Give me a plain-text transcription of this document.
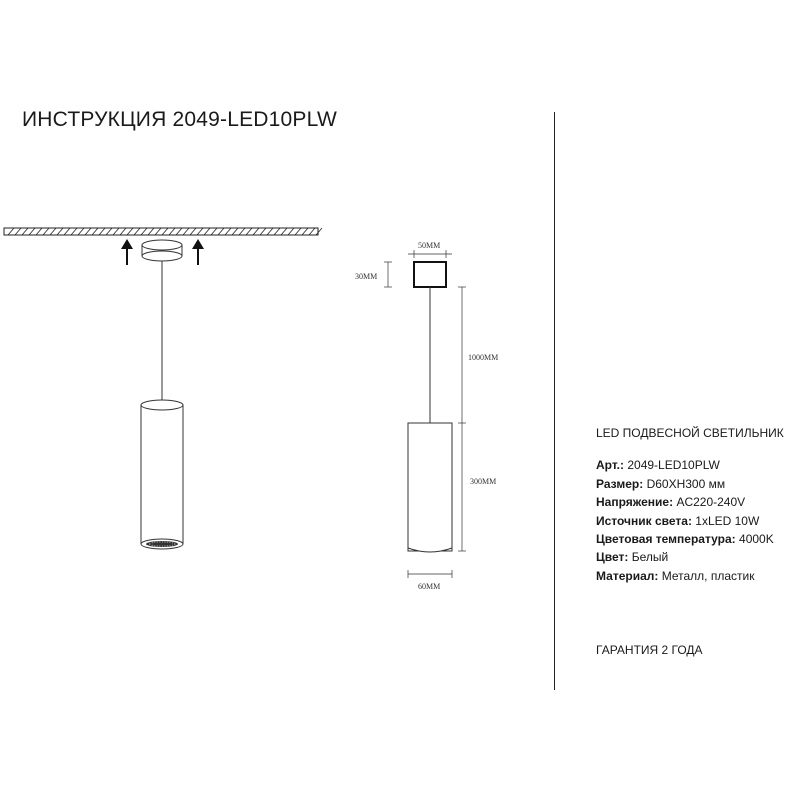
ИНСТРУКЦИЯ 2049-LED10PLW
50MM
30MM
1000MM
300MM
60MM
LED ПОДВЕСНОЙ СВЕТИЛЬНИК
Арт.: 2049-LED10PLW
Размер: D60XH300 мм
Напряжение: AC220-240V
Источник света: 1xLED 10W
Цветовая температура: 4000K
Цвет: Белый
Материал: Металл, пластик
ГАРАНТИЯ 2 ГОДА
